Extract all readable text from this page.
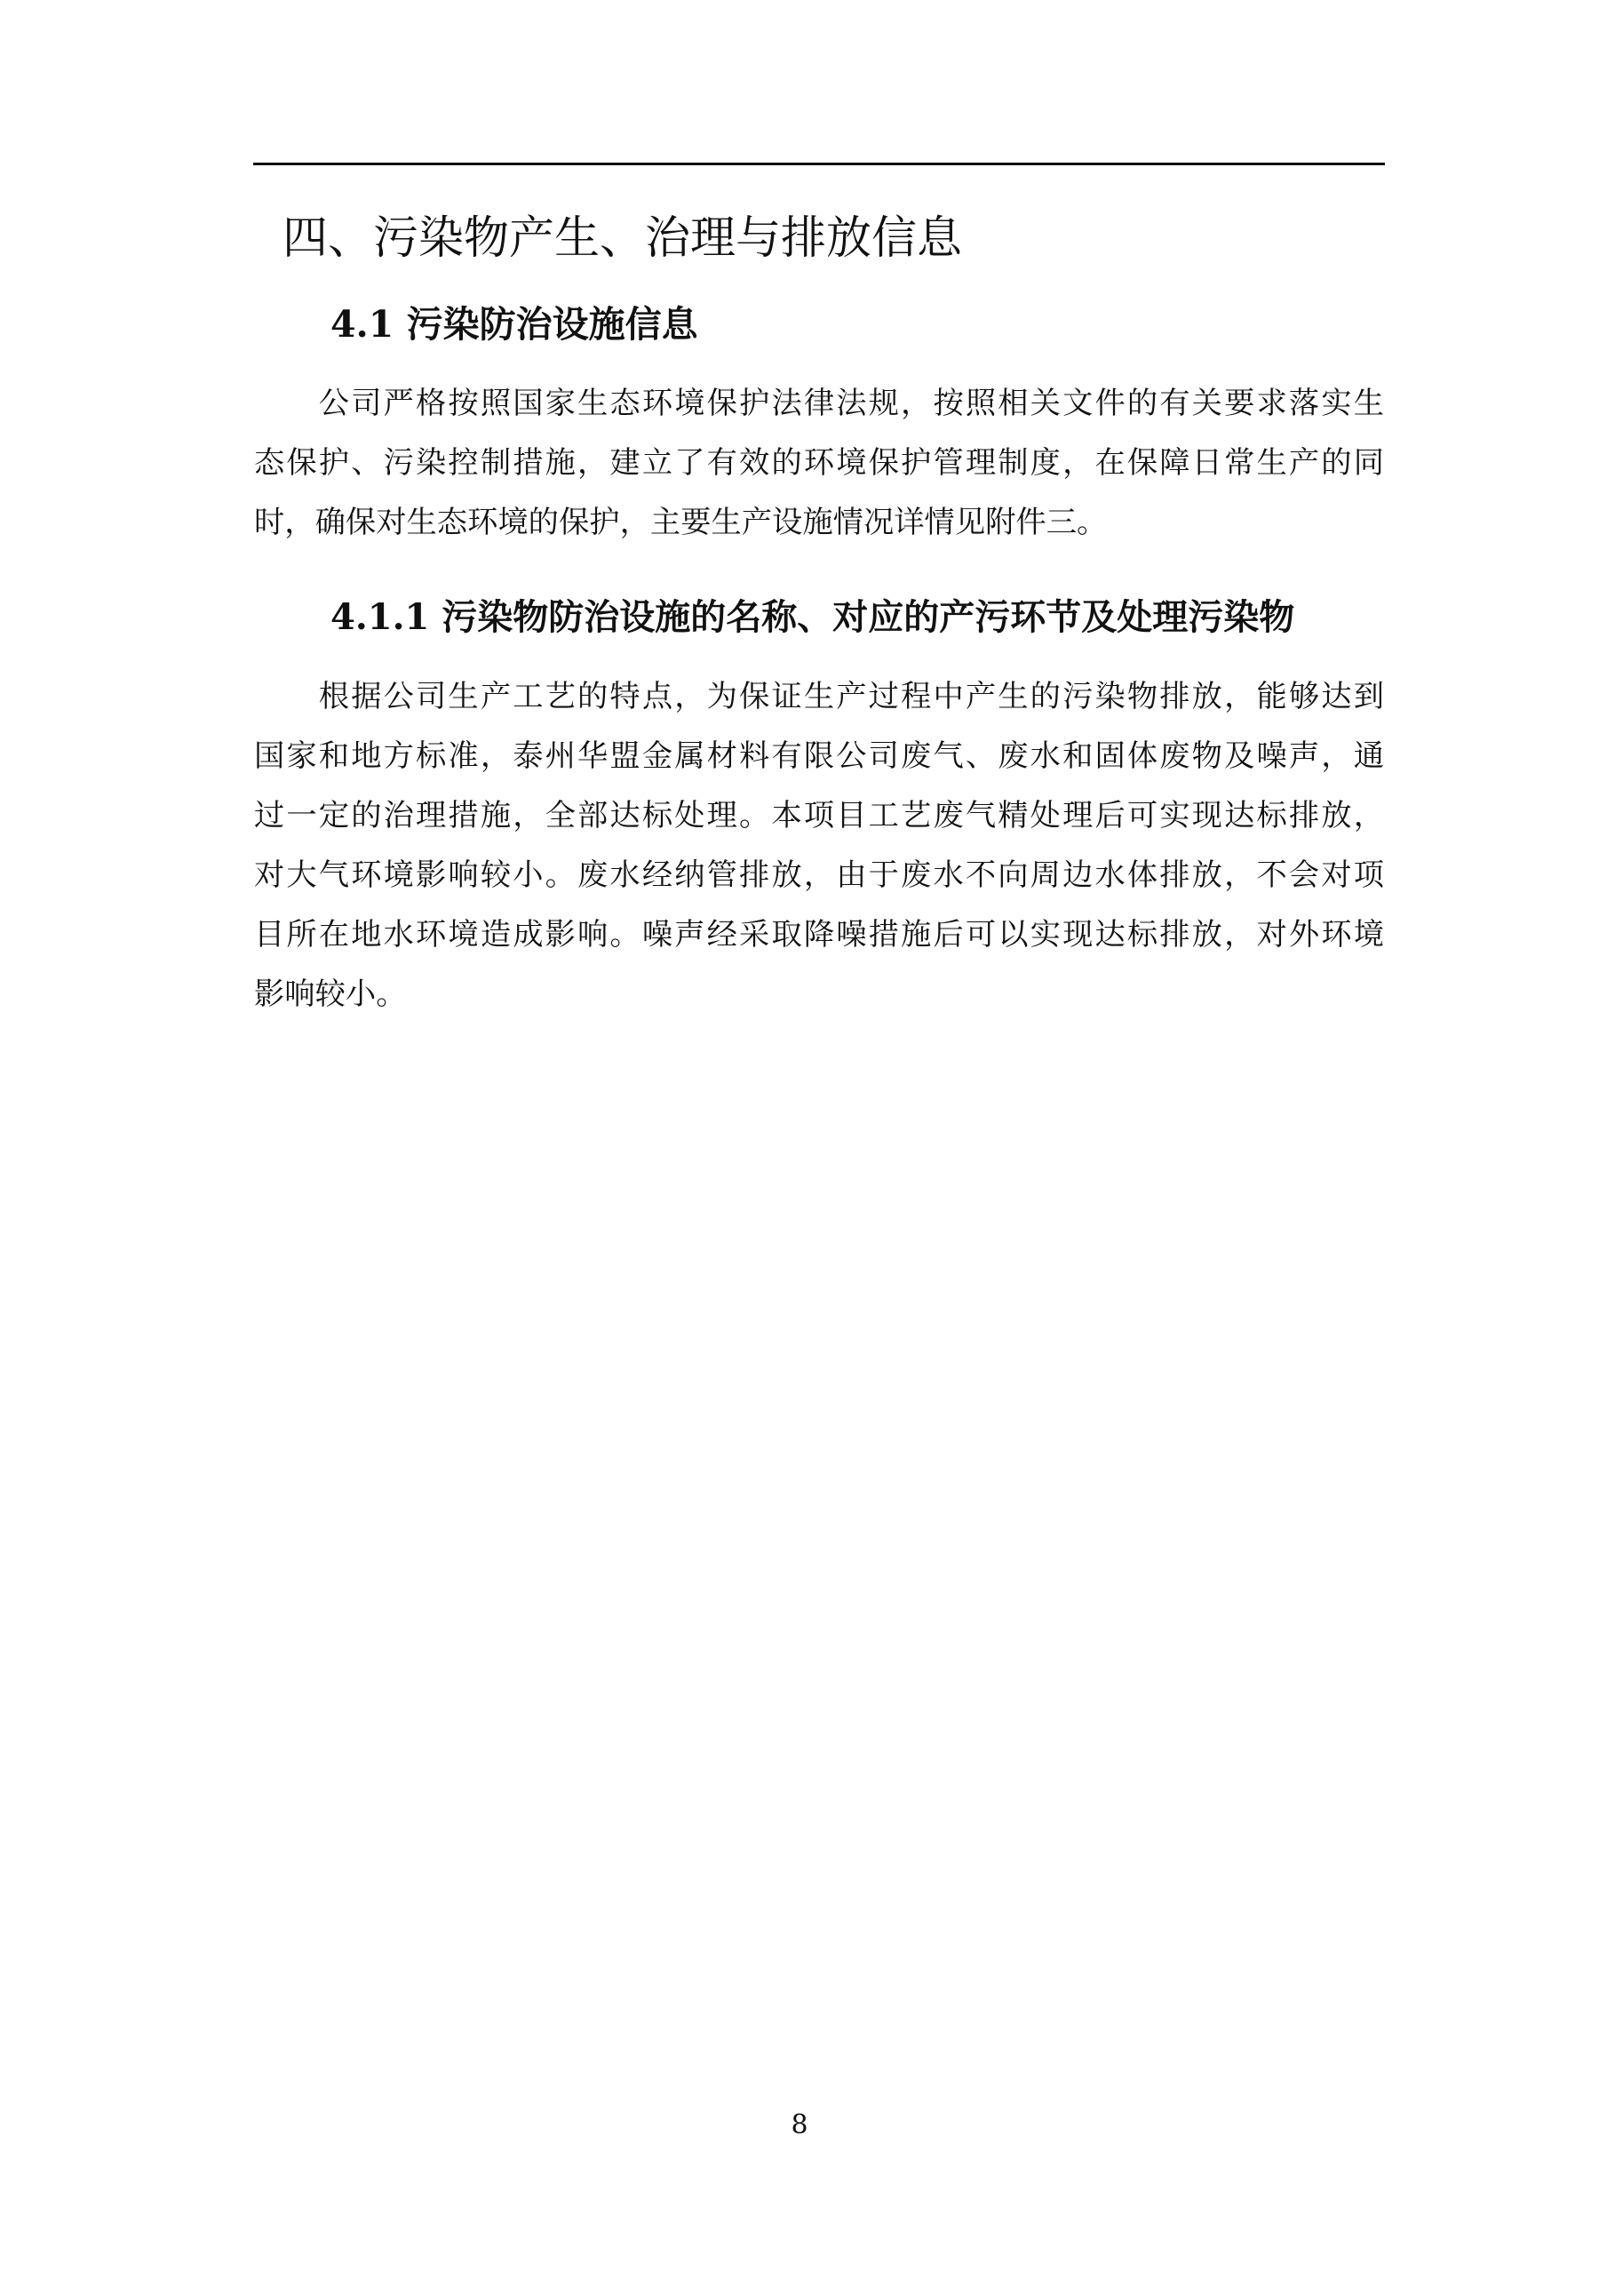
四、污染物产生、治理与排放信息
4.1 污染防治设施信息

　　公司严格按照国家生态环境保护法律法规，按照相关文件的有关要求落实生
态保护、污染控制措施，建立了有效的环境保护管理制度，在保障日常生产的同
时，确保对生态环境的保护，主要生产设施情况详情见附件三。

4.1.1 污染物防治设施的名称、对应的产污环节及处理污染物

　　根据公司生产工艺的特点，为保证生产过程中产生的污染物排放，能够达到
国家和地方标准，泰州华盟金属材料有限公司废气、废水和固体废物及噪声，通
过一定的治理措施，全部达标处理。本项目工艺废气精处理后可实现达标排放，
对大气环境影响较小。废水经纳管排放，由于废水不向周边水体排放，不会对项
目所在地水环境造成影响。噪声经采取降噪措施后可以实现达标排放，对外环境
影响较小。

8
